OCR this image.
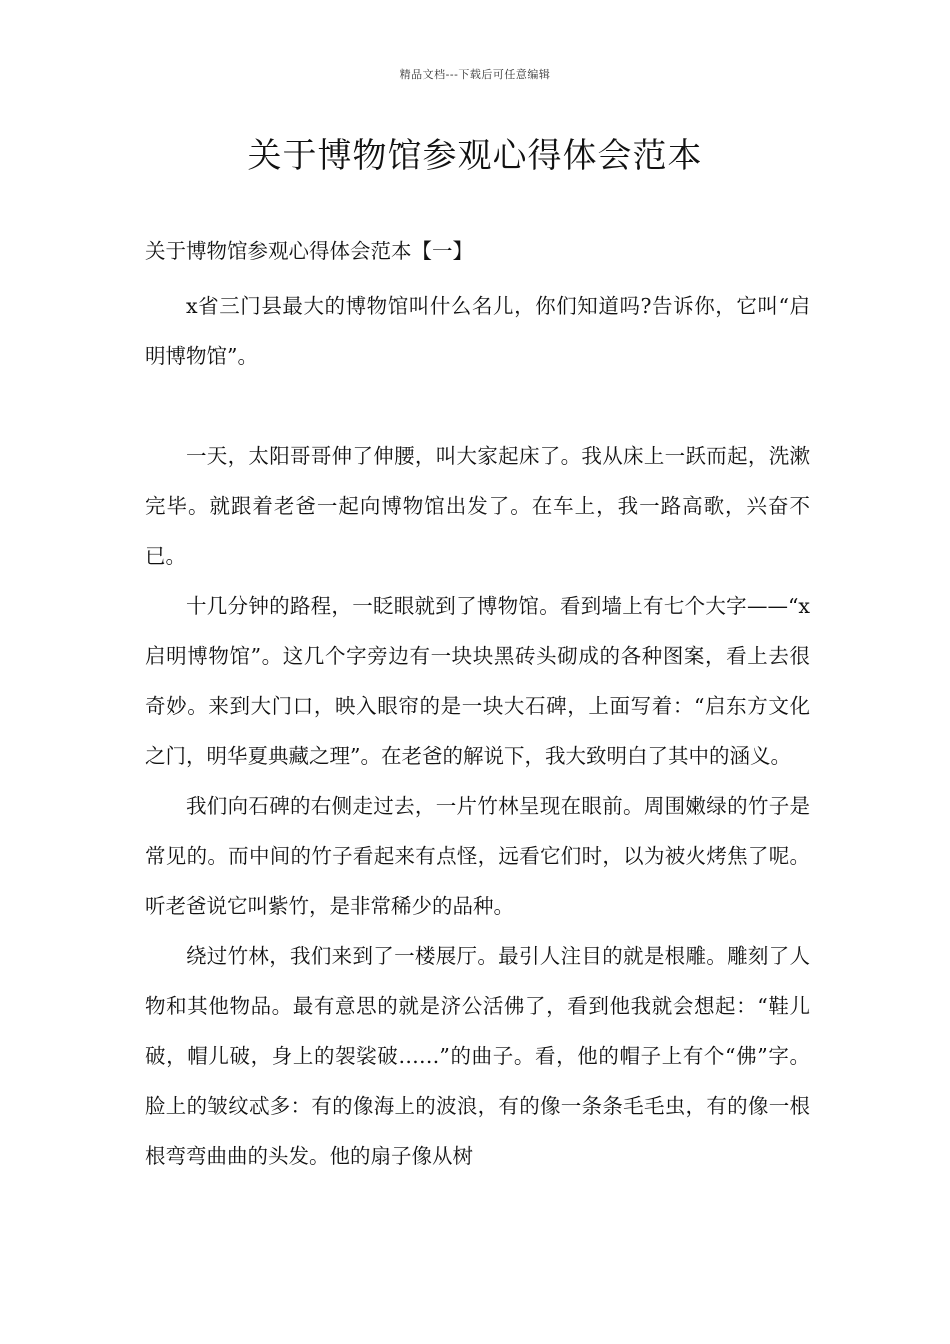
精品文档---下载后可任意编辑
关于博物馆参观心得体会范本

关于博物馆参观心得体会范本【一】

x省三门县最大的博物馆叫什么名儿，你们知道吗?告诉你，它叫“启明博物馆”。

一天，太阳哥哥伸了伸腰，叫大家起床了。我从床上一跃而起，洗漱完毕。就跟着老爸一起向博物馆出发了。在车上，我一路高歌，兴奋不已。

十几分钟的路程，一眨眼就到了博物馆。看到墙上有七个大字——“x启明博物馆”。这几个字旁边有一块块黑砖头砌成的各种图案，看上去很奇妙。来到大门口，映入眼帘的是一块大石碑，上面写着：“启东方文化之门，明华夏典藏之理”。在老爸的解说下，我大致明白了其中的涵义。

我们向石碑的右侧走过去，一片竹林呈现在眼前。周围嫩绿的竹子是常见的。而中间的竹子看起来有点怪，远看它们时，以为被火烤焦了呢。听老爸说它叫紫竹，是非常稀少的品种。

绕过竹林，我们来到了一楼展厅。最引人注目的就是根雕。雕刻了人物和其他物品。最有意思的就是济公活佛了，看到他我就会想起：“鞋儿破，帽儿破，身上的袈裟破……”的曲子。看，他的帽子上有个“佛”字。脸上的皱纹忒多：有的像海上的波浪，有的像一条条毛毛虫，有的像一根根弯弯曲曲的头发。他的扇子像从树
